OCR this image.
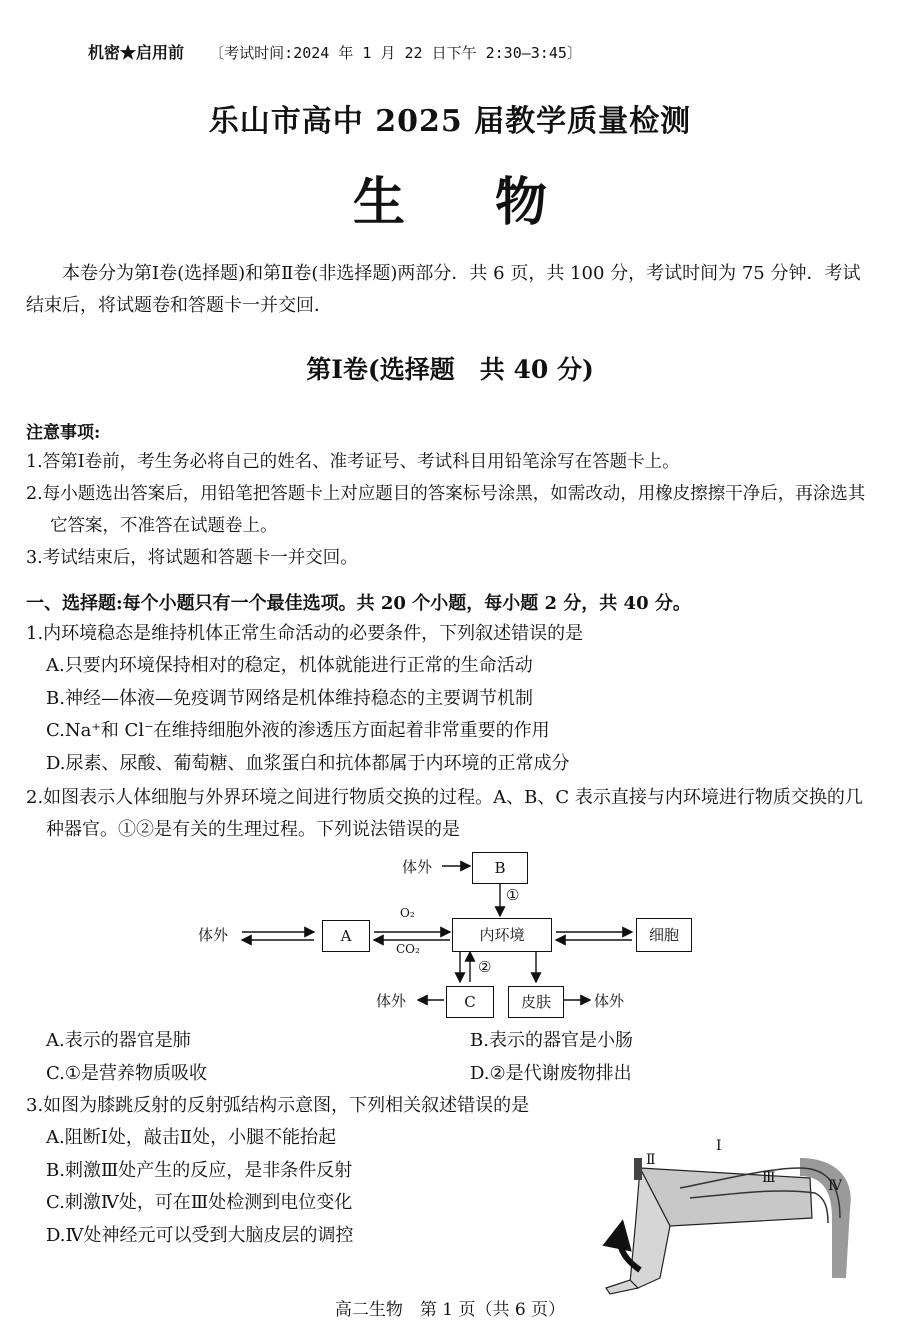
机密★启用前 〔考试时间:2024 年 1 月 22 日下午 2:30—3:45〕
乐山市高中 2025 届教学质量检测
生物
本卷分为第Ⅰ卷(选择题)和第Ⅱ卷(非选择题)两部分．共 6 页，共 100 分，考试时间为 75 分钟．考试结束后，将试题卷和答题卡一并交回．
第Ⅰ卷(选择题　共 40 分)
注意事项:
1.答第Ⅰ卷前，考生务必将自己的姓名、准考证号、考试科目用铅笔涂写在答题卡上。
2.每小题选出答案后，用铅笔把答题卡上对应题目的答案标号涂黑，如需改动，用橡皮擦擦干净后，再涂选其它答案，不准答在试题卷上。
3.考试结束后，将试题和答题卡一并交回。
一、选择题:每个小题只有一个最佳选项。共 20 个小题，每小题 2 分，共 40 分。
1.内环境稳态是维持机体正常生命活动的必要条件，下列叙述错误的是
A.只要内环境保持相对的稳定，机体就能进行正常的生命活动
B.神经—体液—免疫调节网络是机体维持稳态的主要调节机制
C.Na⁺和 Cl⁻在维持细胞外液的渗透压方面起着非常重要的作用
D.尿素、尿酸、葡萄糖、血浆蛋白和抗体都属于内环境的正常成分
2.如图表示人体细胞与外界环境之间进行物质交换的过程。A、B、C 表示直接与内环境进行物质交换的几种器官。①②是有关的生理过程。下列说法错误的是
体外	B
①
体外	A
O₂
CO₂
内环境	细胞
②
体外	C	皮肤	体外
A.表示的器官是肺
C.①是营养物质吸收
B.表示的器官是小肠
D.②是代谢废物排出
3.如图为膝跳反射的反射弧结构示意图，下列相关叙述错误的是
A.阻断Ⅰ处，敲击Ⅱ处，小腿不能抬起
B.刺激Ⅲ处产生的反应，是非条件反射
C.刺激Ⅳ处，可在Ⅲ处检测到电位变化
D.Ⅳ处神经元可以受到大脑皮层的调控
Ⅰ
Ⅱ
Ⅲ	Ⅳ
高二生物　第 1 页（共 6 页）
